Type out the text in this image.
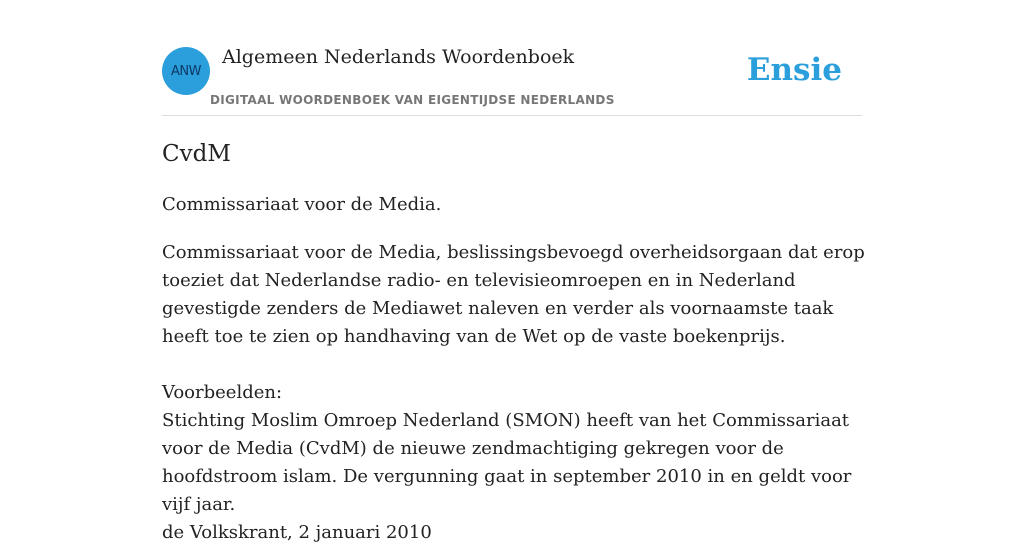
ANW
Algemeen Nederlands Woordenboek
DIGITAAL WOORDENBOEK VAN EIGENTIJDSE NEDERLANDS
Ensie
CvdM
Commissariaat voor de Media.

Commissariaat voor de Media, beslissingsbevoegd overheidsorgaan dat erop toeziet dat Nederlandse radio- en televisieomroepen en in Nederland gevestigde zenders de Mediawet naleven en verder als voornaamste taak heeft toe te zien op handhaving van de Wet op de vaste boekenprijs.

Voorbeelden:

Stichting Moslim Omroep Nederland (SMON) heeft van het Commissariaat voor de Media (CvdM) de nieuwe zendmachtiging gekregen voor de hoofdstroom islam. De vergunning gaat in september 2010 in en geldt voor vijf jaar.

de Volkskrant, 2 januari 2010
